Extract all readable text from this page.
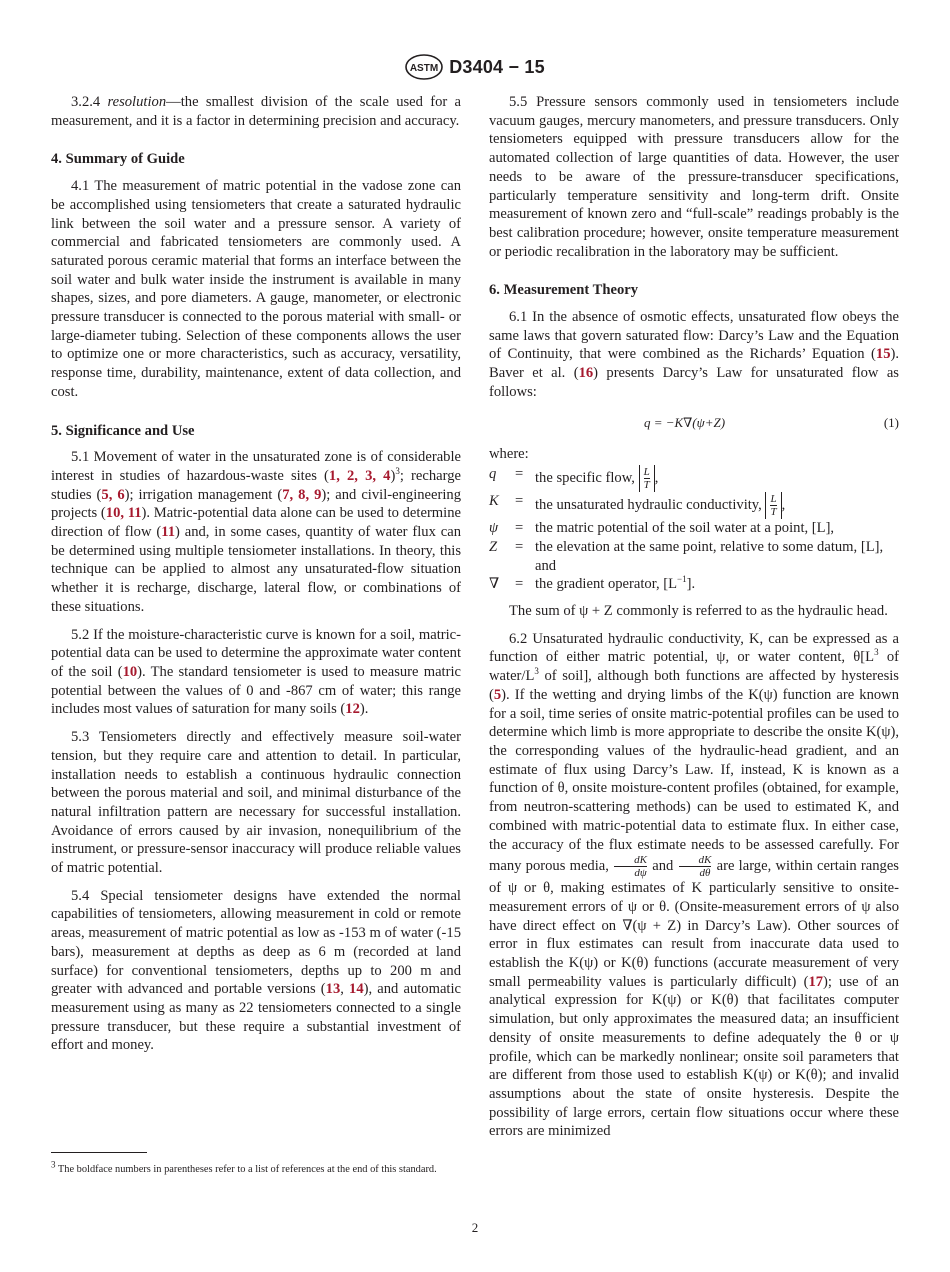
ASTM D3404 − 15

3.2.4 resolution—the smallest division of the scale used for a measurement, and it is a factor in determining precision and accuracy.

4. Summary of Guide

4.1 The measurement of matric potential in the vadose zone can be accomplished using tensiometers that create a saturated hydraulic link between the soil water and a pressure sensor. A variety of commercial and fabricated tensiometers are commonly used. A saturated porous ceramic material that forms an interface between the soil water and bulk water inside the instrument is available in many shapes, sizes, and pore diameters. A gauge, manometer, or electronic pressure transducer is connected to the porous material with small- or large-diameter tubing. Selection of these components allows the user to optimize one or more characteristics, such as accuracy, versatility, response time, durability, maintenance, extent of data collection, and cost.

5. Significance and Use

5.1 Movement of water in the unsaturated zone is of considerable interest in studies of hazardous-waste sites (1, 2, 3, 4)$^3$; recharge studies (5, 6); irrigation management (7, 8, 9); and civil-engineering projects (10, 11). Matric-potential data alone can be used to determine direction of flow (11) and, in some cases, quantity of water flux can be determined using multiple tensiometer installations. In theory, this technique can be applied to almost any unsaturated-flow situation whether it is recharge, discharge, lateral flow, or combinations of these situations.

5.2 If the moisture-characteristic curve is known for a soil, matric-potential data can be used to determine the approximate water content of the soil (10). The standard tensiometer is used to measure matric potential between the values of 0 and -867 cm of water; this range includes most values of saturation for many soils (12).

5.3 Tensiometers directly and effectively measure soil-water tension, but they require care and attention to detail. In particular, installation needs to establish a continuous hydraulic connection between the porous material and soil, and minimal disturbance of the natural infiltration pattern are necessary for successful installation. Avoidance of errors caused by air invasion, nonequilibrium of the instrument, or pressure-sensor inaccuracy will produce reliable values of matric potential.

5.4 Special tensiometer designs have extended the normal capabilities of tensiometers, allowing measurement in cold or remote areas, measurement of matric potential as low as -153 m of water (-15 bars), measurement at depths as deep as 6 m (recorded at land surface) for conventional tensiometers, depths up to 200 m and greater with advanced and portable versions (13, 14), and automatic measurement using as many as 22 tensiometers connected to a single pressure transducer, but these require a substantial investment of effort and money.

5.5 Pressure sensors commonly used in tensiometers include vacuum gauges, mercury manometers, and pressure transducers. Only tensiometers equipped with pressure transducers allow for the automated collection of large quantities of data. However, the user needs to be aware of the pressure-transducer specifications, particularly temperature sensitivity and long-term drift. Onsite measurement of known zero and “full-scale” readings probably is the best calibration procedure; however, onsite temperature measurement or periodic recalibration in the laboratory may be sufficient.

6. Measurement Theory

6.1 In the absence of osmotic effects, unsaturated flow obeys the same laws that govern saturated flow: Darcy’s Law and the Equation of Continuity, that were combined as the Richards’ Equation (15). Baver et al. (16) presents Darcy’s Law for unsaturated flow as follows:

q = −K∇(ψ+Z)	(1)

where:

q	= the specific flow, $\frac{L}{T}$ ,
K	= the unsaturated hydraulic conductivity, $\frac{L}{T}$ ,
ψ	= the matric potential of the soil water at a point, [L],
Z	= the elevation at the same point, relative to some datum, [L], and
∇	= the gradient operator, $[L^{-1}]$.

The sum of ψ + Z commonly is referred to as the hydraulic head.

6.2 Unsaturated hydraulic conductivity, K, can be expressed as a function of either matric potential, ψ, or water content, $\theta[L^3$ of water/$L^3$ of soil], although both functions are affected by hysteresis (5). If the wetting and drying limbs of the K(ψ) function are known for a soil, time series of onsite matric-potential profiles can be used to determine which limb is more appropriate to describe the onsite K(ψ), the corresponding values of the hydraulic-head gradient, and an estimate of flux using Darcy’s Law. If, instead, K is known as a function of θ, onsite moisture-content profiles (obtained, for example, from neutron-scattering methods) can be used to estimated K, and combined with matric-potential data to estimate flux. In either case, the accuracy of the flux estimate needs to be assessed carefully. For many porous media, $\frac{dK}{d\psi}$ and $\frac{dK}{d\theta}$ are large, within certain ranges of ψ or θ, making estimates of K particularly sensitive to onsite-measurement errors of ψ or θ. (Onsite-measurement errors of ψ also have direct effect on ∇(ψ + Z) in Darcy’s Law). Other sources of error in flux estimates can result from inaccurate data used to establish the K(ψ) or K(θ) functions (accurate measurement of very small permeability values is particularly difficult) (17); use of an analytical expression for K(ψ) or K(θ) that facilitates computer simulation, but only approximates the measured data; an insufficient density of onsite measurements to define adequately the θ or ψ profile, which can be markedly nonlinear; onsite soil parameters that are different from those used to establish K(ψ) or K(θ); and invalid assumptions about the state of onsite hysteresis. Despite the possibility of large errors, certain flow situations occur where these errors are minimized

$^3$ The boldface numbers in parentheses refer to a list of references at the end of this standard.
2
